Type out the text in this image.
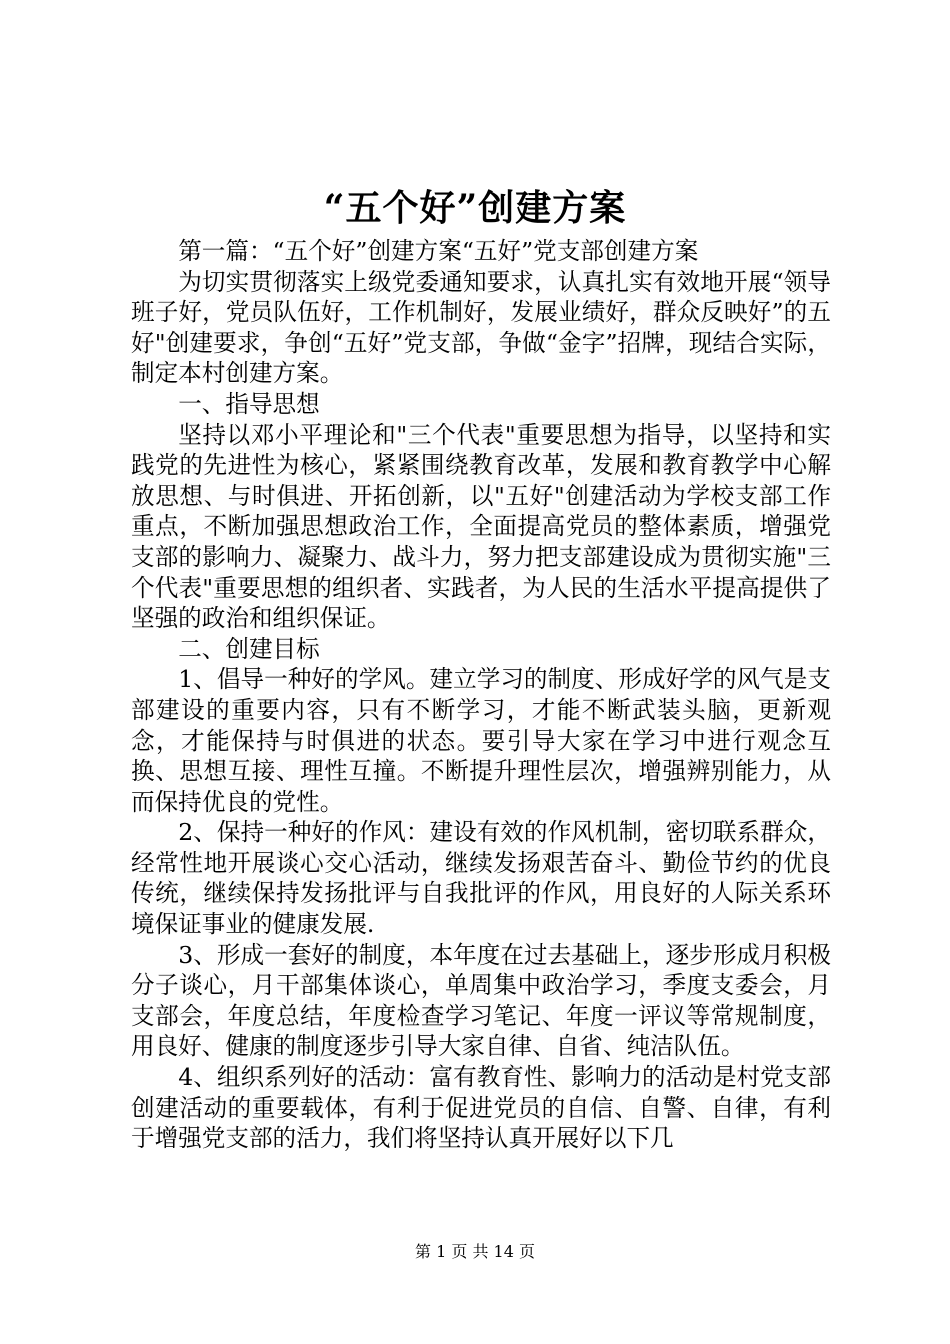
“五个好”创建方案

第一篇：“五个好”创建方案“五好”党支部创建方案

为切实贯彻落实上级党委通知要求，认真扎实有效地开展“领导班子好，党员队伍好，工作机制好，发展业绩好，群众反映好”的五好"创建要求，争创“五好”党支部，争做“金字”招牌，现结合实际，制定本村创建方案。

一、指导思想

坚持以邓小平理论和"三个代表"重要思想为指导，以坚持和实践党的先进性为核心，紧紧围绕教育改革，发展和教育教学中心解放思想、与时俱进、开拓创新，以"五好"创建活动为学校支部工作重点，不断加强思想政治工作，全面提高党员的整体素质，增强党支部的影响力、凝聚力、战斗力，努力把支部建设成为贯彻实施"三个代表"重要思想的组织者、实践者，为人民的生活水平提高提供了坚强的政治和组织保证。

二、创建目标

1、倡导一种好的学风。建立学习的制度、形成好学的风气是支部建设的重要内容，只有不断学习，才能不断武装头脑，更新观念，才能保持与时俱进的状态。要引导大家在学习中进行观念互换、思想互接、理性互撞。不断提升理性层次，增强辨别能力，从而保持优良的党性。

2、保持一种好的作风：建设有效的作风机制，密切联系群众，经常性地开展谈心交心活动，继续发扬艰苦奋斗、勤俭节约的优良传统，继续保持发扬批评与自我批评的作风，用良好的人际关系环境保证事业的健康发展.

3、形成一套好的制度，本年度在过去基础上，逐步形成月积极分子谈心，月干部集体谈心，单周集中政治学习，季度支委会，月支部会，年度总结，年度检查学习笔记、年度一评议等常规制度，用良好、健康的制度逐步引导大家自律、自省、纯洁队伍。

4、组织系列好的活动：富有教育性、影响力的活动是村党支部创建活动的重要载体，有利于促进党员的自信、自警、自律，有利于增强党支部的活力，我们将坚持认真开展好以下几

第 1 页 共 14 页
